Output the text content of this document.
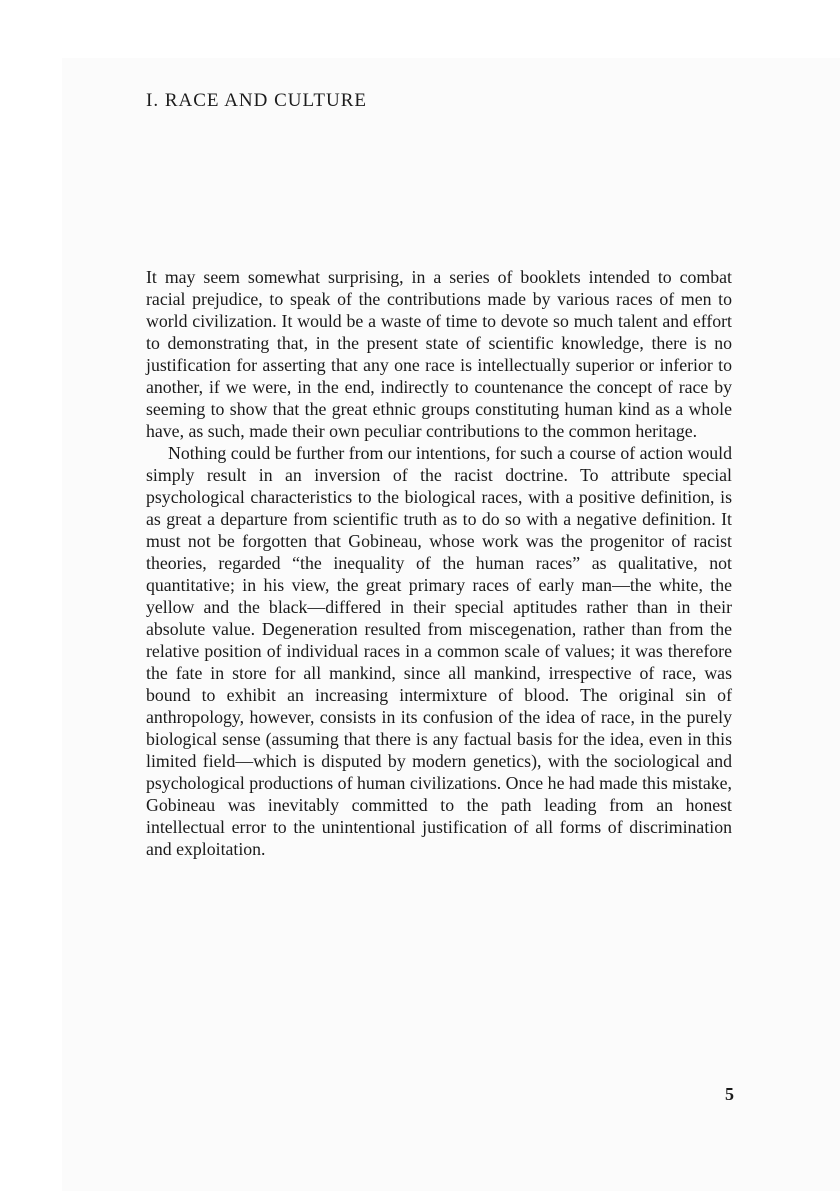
I. RACE AND CULTURE

It may seem somewhat surprising, in a series of booklets intended to combat racial prejudice, to speak of the contributions made by various races of men to world civilization. It would be a waste of time to devote so much talent and effort to demonstrating that, in the present state of scientific knowledge, there is no justification for asserting that any one race is intellectually superior or inferior to another, if we were, in the end, indirectly to countenance the concept of race by seeming to show that the great ethnic groups constituting human kind as a whole have, as such, made their own peculiar contributions to the common heritage.

Nothing could be further from our intentions, for such a course of action would simply result in an inversion of the racist doctrine. To attribute special psychological characteristics to the biological races, with a positive definition, is as great a departure from scientific truth as to do so with a negative definition. It must not be forgotten that Gobineau, whose work was the progenitor of racist theories, regarded “the inequality of the human races” as qualitative, not quantitative; in his view, the great primary races of early man—the white, the yellow and the black—differed in their special aptitudes rather than in their absolute value. Degeneration resulted from miscegenation, rather than from the relative position of individual races in a common scale of values; it was therefore the fate in store for all mankind, since all mankind, irrespective of race, was bound to exhibit an increasing intermixture of blood. The original sin of anthropology, however, consists in its confusion of the idea of race, in the purely biological sense (assuming that there is any factual basis for the idea, even in this limited field—which is disputed by modern genetics), with the sociological and psychological productions of human civilizations. Once he had made this mistake, Gobineau was inevitably committed to the path leading from an honest intellectual error to the unintentional justification of all forms of discrimination and exploitation.

5
